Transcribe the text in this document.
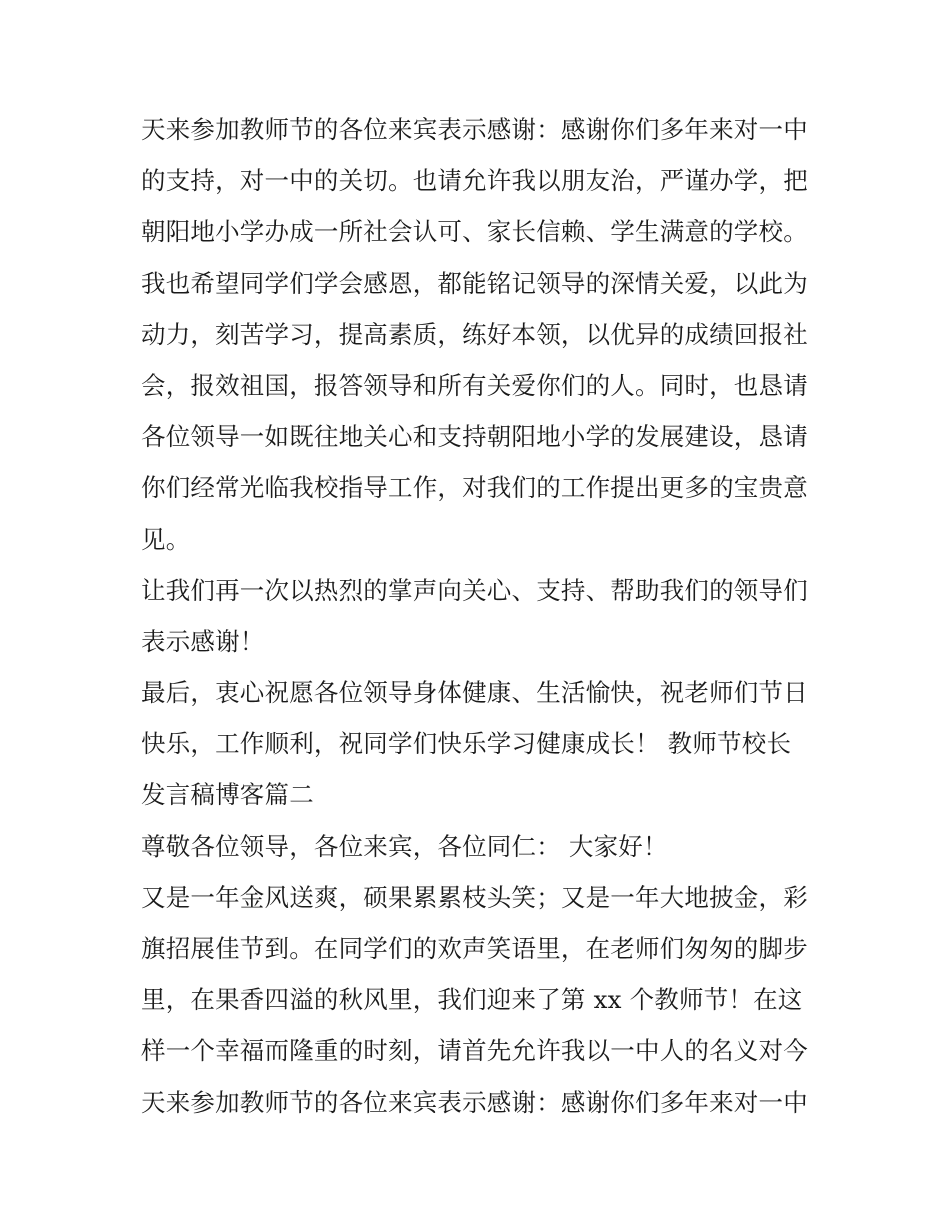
天来参加教师节的各位来宾表示感谢：感谢你们多年来对一中
的支持，对一中的关切。也请允许我以朋友治，严谨办学，把
朝阳地小学办成一所社会认可、家长信赖、学生满意的学校。
我也希望同学们学会感恩，都能铭记领导的深情关爱，以此为
动力，刻苦学习，提高素质，练好本领，以优异的成绩回报社
会，报效祖国，报答领导和所有关爱你们的人。同时，也恳请
各位领导一如既往地关心和支持朝阳地小学的发展建设，恳请
你们经常光临我校指导工作，对我们的工作提出更多的宝贵意
见。
让我们再一次以热烈的掌声向关心、支持、帮助我们的领导们
表示感谢！
最后，衷心祝愿各位领导身体健康、生活愉快，祝老师们节日
快乐，工作顺利，祝同学们快乐学习健康成长！ 教师节校长
发言稿博客篇二
尊敬各位领导，各位来宾，各位同仁： 大家好！
又是一年金风送爽，硕果累累枝头笑；又是一年大地披金，彩
旗招展佳节到。在同学们的欢声笑语里，在老师们匆匆的脚步
里，在果香四溢的秋风里，我们迎来了第 xx 个教师节！在这
样一个幸福而隆重的时刻，请首先允许我以一中人的名义对今
天来参加教师节的各位来宾表示感谢：感谢你们多年来对一中
